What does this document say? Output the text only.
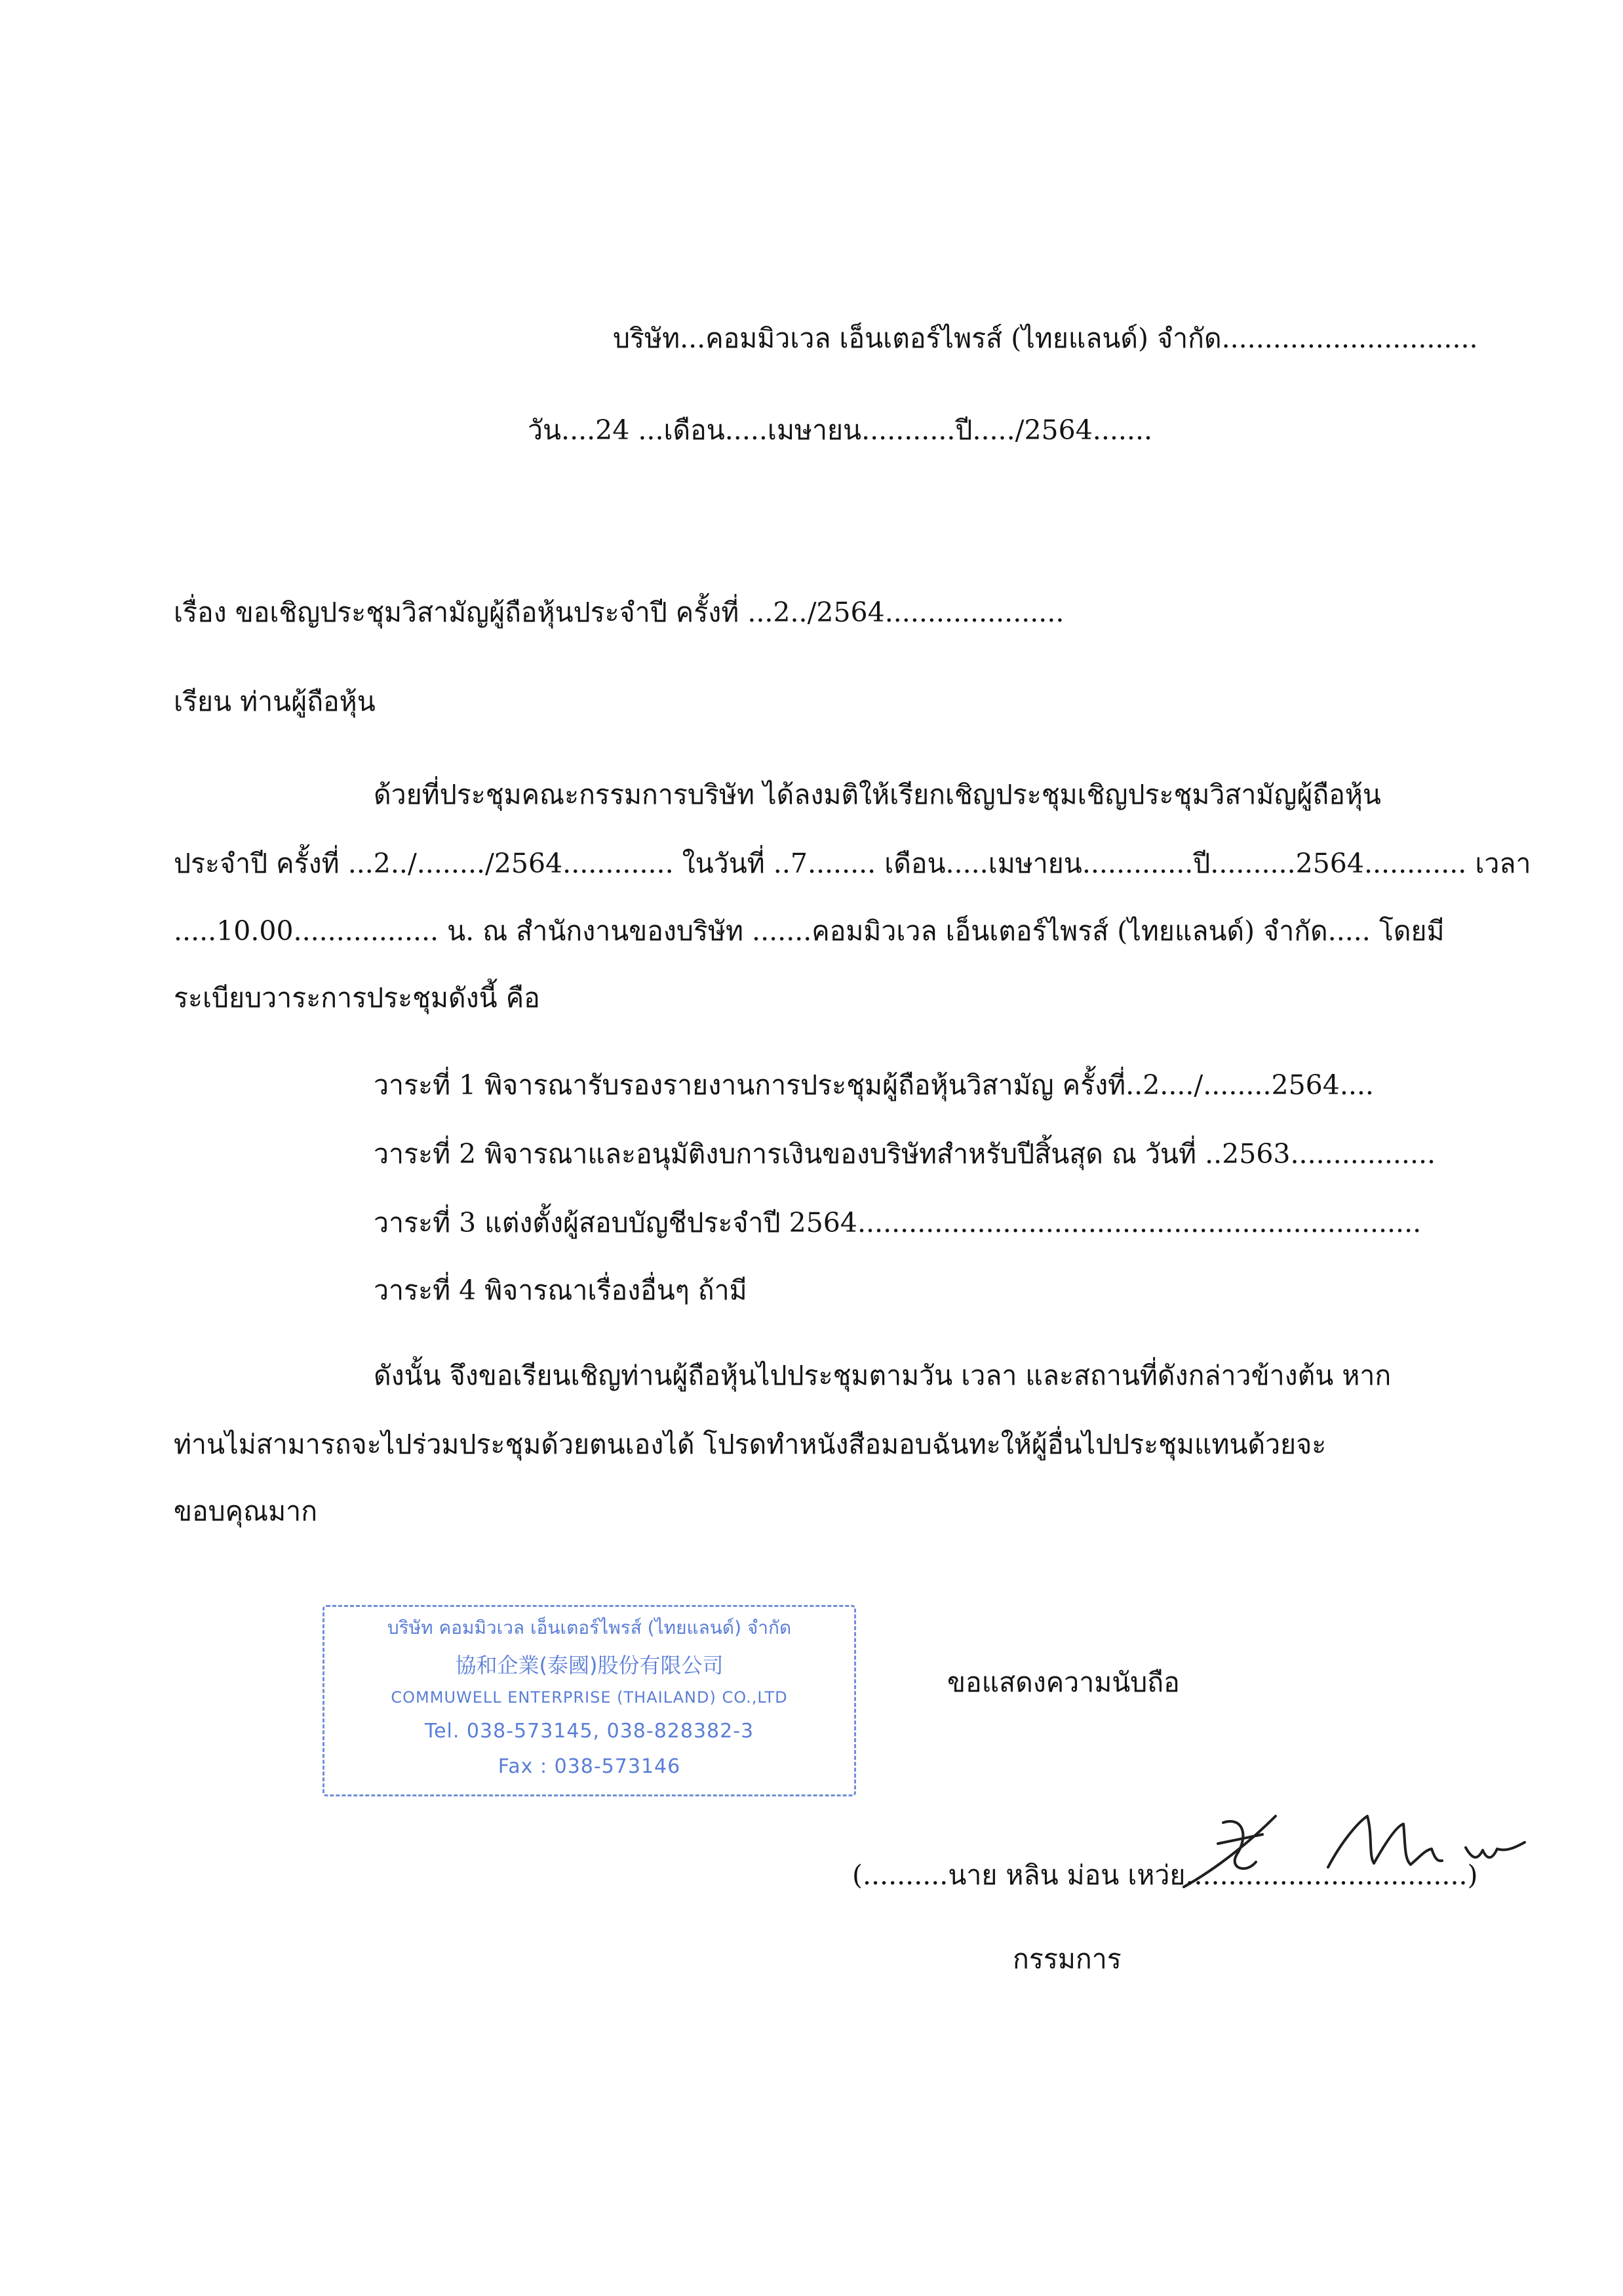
บริษัท...คอมมิวเวล เอ็นเตอร์ไพรส์ (ไทยแลนด์) จำกัด..............................
วัน....24 ...เดือน.....เมษายน...........ปี...../2564.......
เรื่อง ขอเชิญประชุมวิสามัญผู้ถือหุ้นประจำปี ครั้งที่ ...2../2564.....................
เรียน ท่านผู้ถือหุ้น
ด้วยที่ประชุมคณะกรรมการบริษัท ได้ลงมติให้เรียกเชิญประชุมเชิญประชุมวิสามัญผู้ถือหุ้น
ประจำปี ครั้งที่ ...2../......../2564............. ในวันที่ ..7........ เดือน.....เมษายน.............ปี..........2564............ เวลา
.....10.00................. น. ณ สำนักงานของบริษัท .......คอมมิวเวล เอ็นเตอร์ไพรส์ (ไทยแลนด์) จำกัด..... โดยมี
ระเบียบวาระการประชุมดังนี้ คือ
วาระที่ 1 พิจารณารับรองรายงานการประชุมผู้ถือหุ้นวิสามัญ ครั้งที่..2..../........2564....
วาระที่ 2 พิจารณาและอนุมัติงบการเงินของบริษัทสำหรับปีสิ้นสุด ณ วันที่ ..2563.................
วาระที่ 3 แต่งตั้งผู้สอบบัญชีประจำปี 2564..................................................................
วาระที่ 4 พิจารณาเรื่องอื่นๆ ถ้ามี
ดังนั้น จึงขอเรียนเชิญท่านผู้ถือหุ้นไปประชุมตามวัน เวลา และสถานที่ดังกล่าวข้างต้น หาก
ท่านไม่สามารถจะไปร่วมประชุมด้วยตนเองได้ โปรดทำหนังสือมอบฉันทะให้ผู้อื่นไปประชุมแทนด้วยจะ
ขอบคุณมาก
บริษัท คอมมิวเวล เอ็นเตอร์ไพรส์ (ไทยแลนด์) จำกัด
協和企業(泰國)股份有限公司
COMMUWELL ENTERPRISE (THAILAND) CO.,LTD
Tel. 038-573145, 038-828382-3
Fax : 038-573146
ขอแสดงความนับถือ
(..........นาย หลิน ม่อน เหว่ย.................................)
กรรมการ
